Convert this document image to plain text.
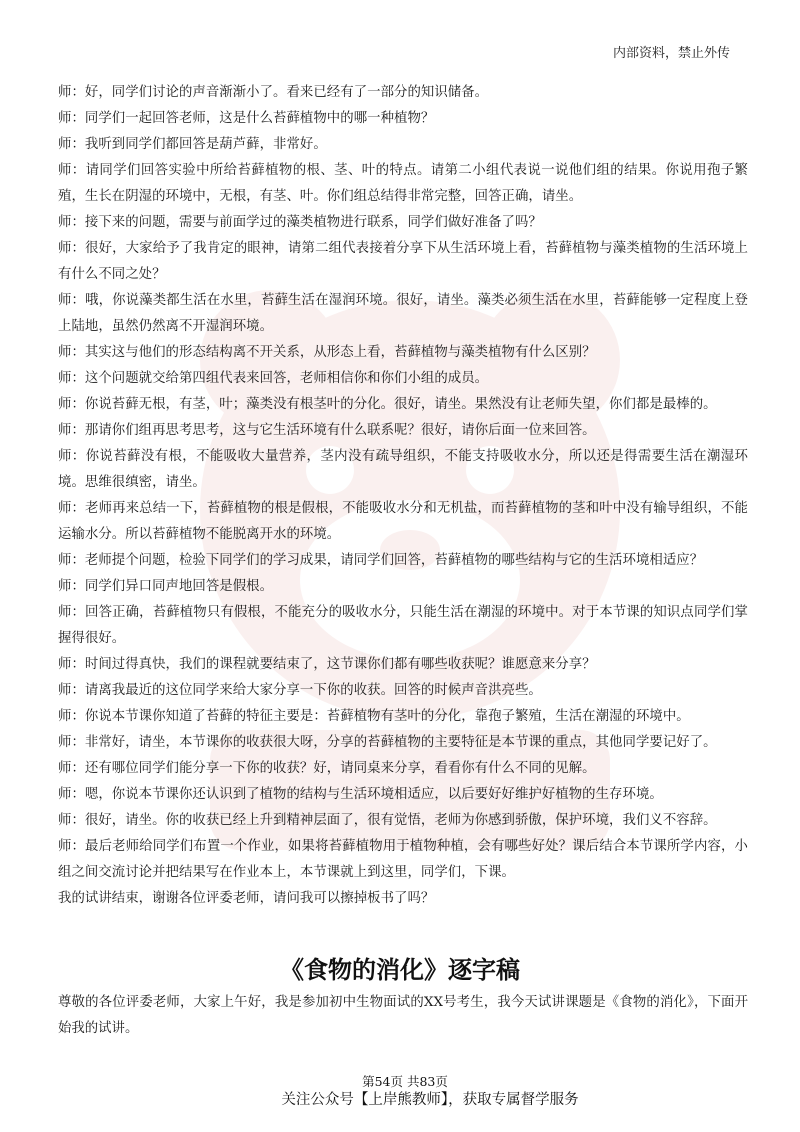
内部资料，禁止外传

师：好，同学们讨论的声音渐渐小了。看来已经有了一部分的知识储备。

师：同学们一起回答老师，这是什么苔藓植物中的哪一种植物？

师：我听到同学们都回答是葫芦藓，非常好。

师：请同学们回答实验中所给苔藓植物的根、茎、叶的特点。请第二小组代表说一说他们组的结果。你说用孢子繁殖，生长在阴湿的环境中，无根，有茎、叶。你们组总结得非常完整，回答正确，请坐。

师：接下来的问题，需要与前面学过的藻类植物进行联系，同学们做好准备了吗？

师：很好，大家给予了我肯定的眼神，请第二组代表接着分享下从生活环境上看，苔藓植物与藻类植物的生活环境上有什么不同之处？

师：哦，你说藻类都生活在水里，苔藓生活在湿润环境。很好，请坐。藻类必须生活在水里，苔藓能够一定程度上登上陆地，虽然仍然离不开湿润环境。

师：其实这与他们的形态结构离不开关系，从形态上看，苔藓植物与藻类植物有什么区别？

师：这个问题就交给第四组代表来回答，老师相信你和你们小组的成员。

师：你说苔藓无根，有茎，叶；藻类没有根茎叶的分化。很好，请坐。果然没有让老师失望，你们都是最棒的。

师：那请你们组再思考思考，这与它生活环境有什么联系呢？很好，请你后面一位来回答。

师：你说苔藓没有根，不能吸收大量营养，茎内没有疏导组织，不能支持吸收水分，所以还是得需要生活在潮湿环境。思维很缜密，请坐。

师：老师再来总结一下，苔藓植物的根是假根，不能吸收水分和无机盐，而苔藓植物的茎和叶中没有输导组织，不能运输水分。所以苔藓植物不能脱离开水的环境。

师：老师提个问题，检验下同学们的学习成果，请同学们回答，苔藓植物的哪些结构与它的生活环境相适应？

师：同学们异口同声地回答是假根。

师：回答正确，苔藓植物只有假根，不能充分的吸收水分，只能生活在潮湿的环境中。对于本节课的知识点同学们掌握得很好。

师：时间过得真快，我们的课程就要结束了，这节课你们都有哪些收获呢？谁愿意来分享？

师：请离我最近的这位同学来给大家分享一下你的收获。回答的时候声音洪亮些。

师：你说本节课你知道了苔藓的特征主要是：苔藓植物有茎叶的分化，靠孢子繁殖，生活在潮湿的环境中。

师：非常好，请坐，本节课你的收获很大呀，分享的苔藓植物的主要特征是本节课的重点，其他同学要记好了。

师：还有哪位同学们能分享一下你的收获？好，请同桌来分享，看看你有什么不同的见解。

师：嗯，你说本节课你还认识到了植物的结构与生活环境相适应，以后要好好维护好植物的生存环境。

师：很好，请坐。你的收获已经上升到精神层面了，很有觉悟，老师为你感到骄傲，保护环境，我们义不容辞。

师：最后老师给同学们布置一个作业，如果将苔藓植物用于植物种植，会有哪些好处？课后结合本节课所学内容，小组之间交流讨论并把结果写在作业本上，本节课就上到这里，同学们，下课。

我的试讲结束，谢谢各位评委老师，请问我可以擦掉板书了吗？

《食物的消化》逐字稿

尊敬的各位评委老师，大家上午好，我是参加初中生物面试的XX号考生，我今天试讲课题是《食物的消化》，下面开始我的试讲。

第54页 共83页
关注公众号【上岸熊教师】，获取专属督学服务
